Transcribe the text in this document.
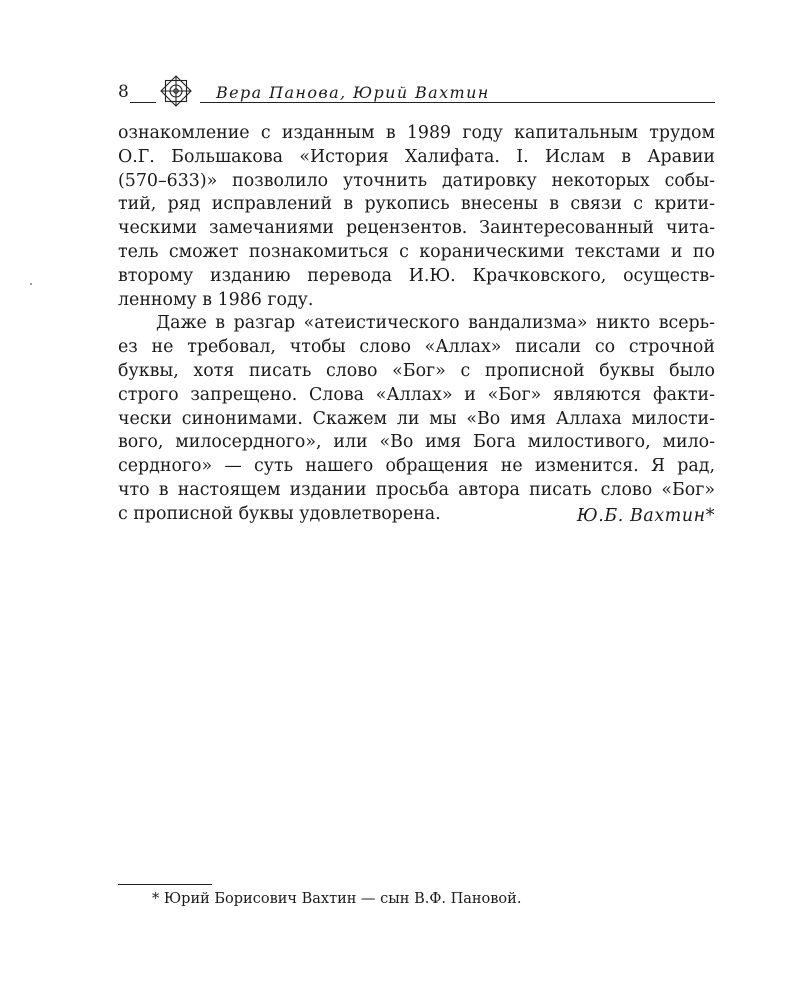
8	Вера Панова, Юрий Вахтин
ознакомление с изданным в 1989 году капитальным трудом
О.Г. Большакова «История Халифата. I. Ислам в Аравии
(570–633)» позволило уточнить датировку некоторых собы-
тий, ряд исправлений в рукопись внесены в связи с крити-
ческими замечаниями рецензентов. Заинтересованный чита-
тель сможет познакомиться с кораническими текстами и по
второму изданию перевода И.Ю. Крачковского, осуществ-
ленному в 1986 году.
Даже в разгар «атеистического вандализма» никто всерь-
ез не требовал, чтобы слово «Аллах» писали со строчной
буквы, хотя писать слово «Бог» с прописной буквы было
строго запрещено. Слова «Аллах» и «Бог» являются факти-
чески синонимами. Скажем ли мы «Во имя Аллаха милости-
вого, милосердного», или «Во имя Бога милостивого, мило-
сердного» — суть нашего обращения не изменится. Я рад,
что в настоящем издании просьба автора писать слово «Бог»
с прописной буквы удовлетворена.	Ю.Б. Вахтин*
* Юрий Борисович Вахтин — сын В.Ф. Пановой.
